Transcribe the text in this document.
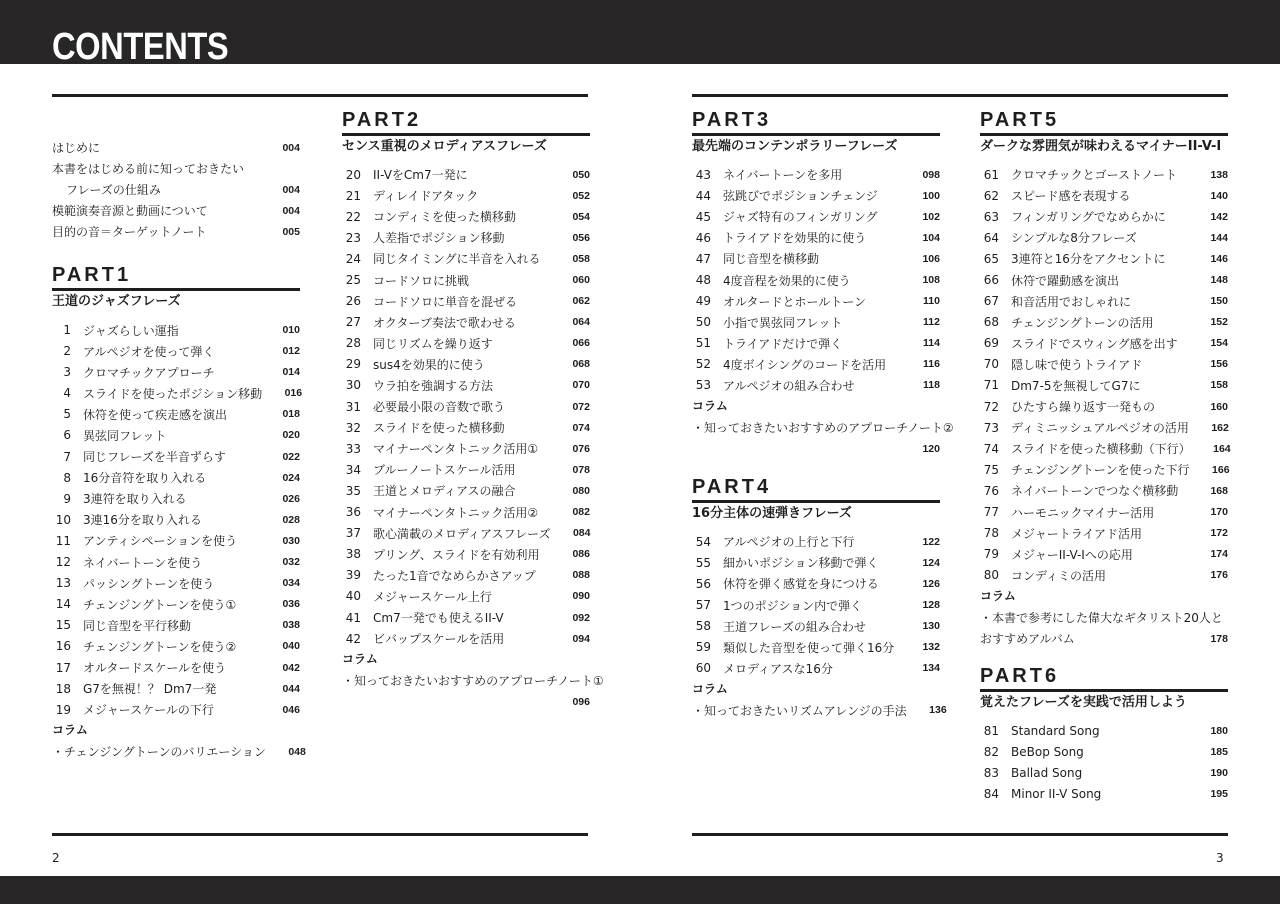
CONTENTS
はじめに	004
本書をはじめる前に知っておきたい
フレーズの仕組み	004
模範演奏音源と動画について	004
目的の音＝ターゲットノート	005
PART1
王道のジャズフレーズ
1	ジャズらしい運指	010
2	アルペジオを使って弾く	012
3	クロマチックアプローチ	014
4	スライドを使ったポジション移動	016
5	休符を使って疾走感を演出	018
6	異弦同フレット	020
7	同じフレーズを半音ずらす	022
8	16分音符を取り入れる	024
9	3連符を取り入れる	026
10	3連16分を取り入れる	028
11	アンティシペーションを使う	030
12	ネイバートーンを使う	032
13	パッシングトーンを使う	034
14	チェンジングトーンを使う①	036
15	同じ音型を平行移動	038
16	チェンジングトーンを使う②	040
17	オルタードスケールを使う	042
18	G7を無視！？ Dm7一発	044
19	メジャースケールの下行	046
コラム
・チェンジングトーンのバリエーション	048
PART2
センス重視のメロディアスフレーズ
20	II-VをCm7一発に	050
21	ディレイドアタック	052
22	コンディミを使った横移動	054
23	人差指でポジション移動	056
24	同じタイミングに半音を入れる	058
25	コードソロに挑戦	060
26	コードソロに単音を混ぜる	062
27	オクターブ奏法で歌わせる	064
28	同じリズムを繰り返す	066
29	sus4を効果的に使う	068
30	ウラ拍を強調する方法	070
31	必要最小限の音数で歌う	072
32	スライドを使った横移動	074
33	マイナーペンタトニック活用①	076
34	ブルーノートスケール活用	078
35	王道とメロディアスの融合	080
36	マイナーペンタトニック活用②	082
37	歌心満載のメロディアスフレーズ	084
38	プリング、スライドを有効利用	086
39	たった1音でなめらかさアップ	088
40	メジャースケール上行	090
41	Cm7一発でも使えるII-V	092
42	ビバップスケールを活用	094
コラム
・知っておきたいおすすめのアプローチノート①
096
PART3
最先端のコンテンポラリーフレーズ
43	ネイバートーンを多用	098
44	弦跳びでポジションチェンジ	100
45	ジャズ特有のフィンガリング	102
46	トライアドを効果的に使う	104
47	同じ音型を横移動	106
48	4度音程を効果的に使う	108
49	オルタードとホールトーン	110
50	小指で異弦同フレット	112
51	トライアドだけで弾く	114
52	4度ボイシングのコードを活用	116
53	アルペジオの組み合わせ	118
コラム
・知っておきたいおすすめのアプローチノート②
120
PART4
16分主体の速弾きフレーズ
54	アルペジオの上行と下行	122
55	細かいポジション移動で弾く	124
56	休符を弾く感覚を身につける	126
57	1つのポジション内で弾く	128
58	王道フレーズの組み合わせ	130
59	類似した音型を使って弾く16分	132
60	メロディアスな16分	134
コラム
・知っておきたいリズムアレンジの手法	136
PART5
ダークな雰囲気が味わえるマイナーII-V-I
61	クロマチックとゴーストノート	138
62	スピード感を表現する	140
63	フィンガリングでなめらかに	142
64	シンプルな8分フレーズ	144
65	3連符と16分をアクセントに	146
66	休符で躍動感を演出	148
67	和音活用でおしゃれに	150
68	チェンジングトーンの活用	152
69	スライドでスウィング感を出す	154
70	隠し味で使うトライアド	156
71	Dm7-5を無視してG7に	158
72	ひたすら繰り返す一発もの	160
73	ディミニッシュアルペジオの活用	162
74	スライドを使った横移動（下行）	164
75	チェンジングトーンを使った下行	166
76	ネイバートーンでつなぐ横移動	168
77	ハーモニックマイナー活用	170
78	メジャートライアド活用	172
79	メジャーII-V-Iへの応用	174
80	コンディミの活用	176
コラム
・本書で参考にした偉大なギタリスト20人と
おすすめアルバム	178
PART6
覚えたフレーズを実践で活用しよう
81	Standard Song	180
82	BeBop Song	185
83	Ballad Song	190
84	Minor II-V Song	195
2	3
